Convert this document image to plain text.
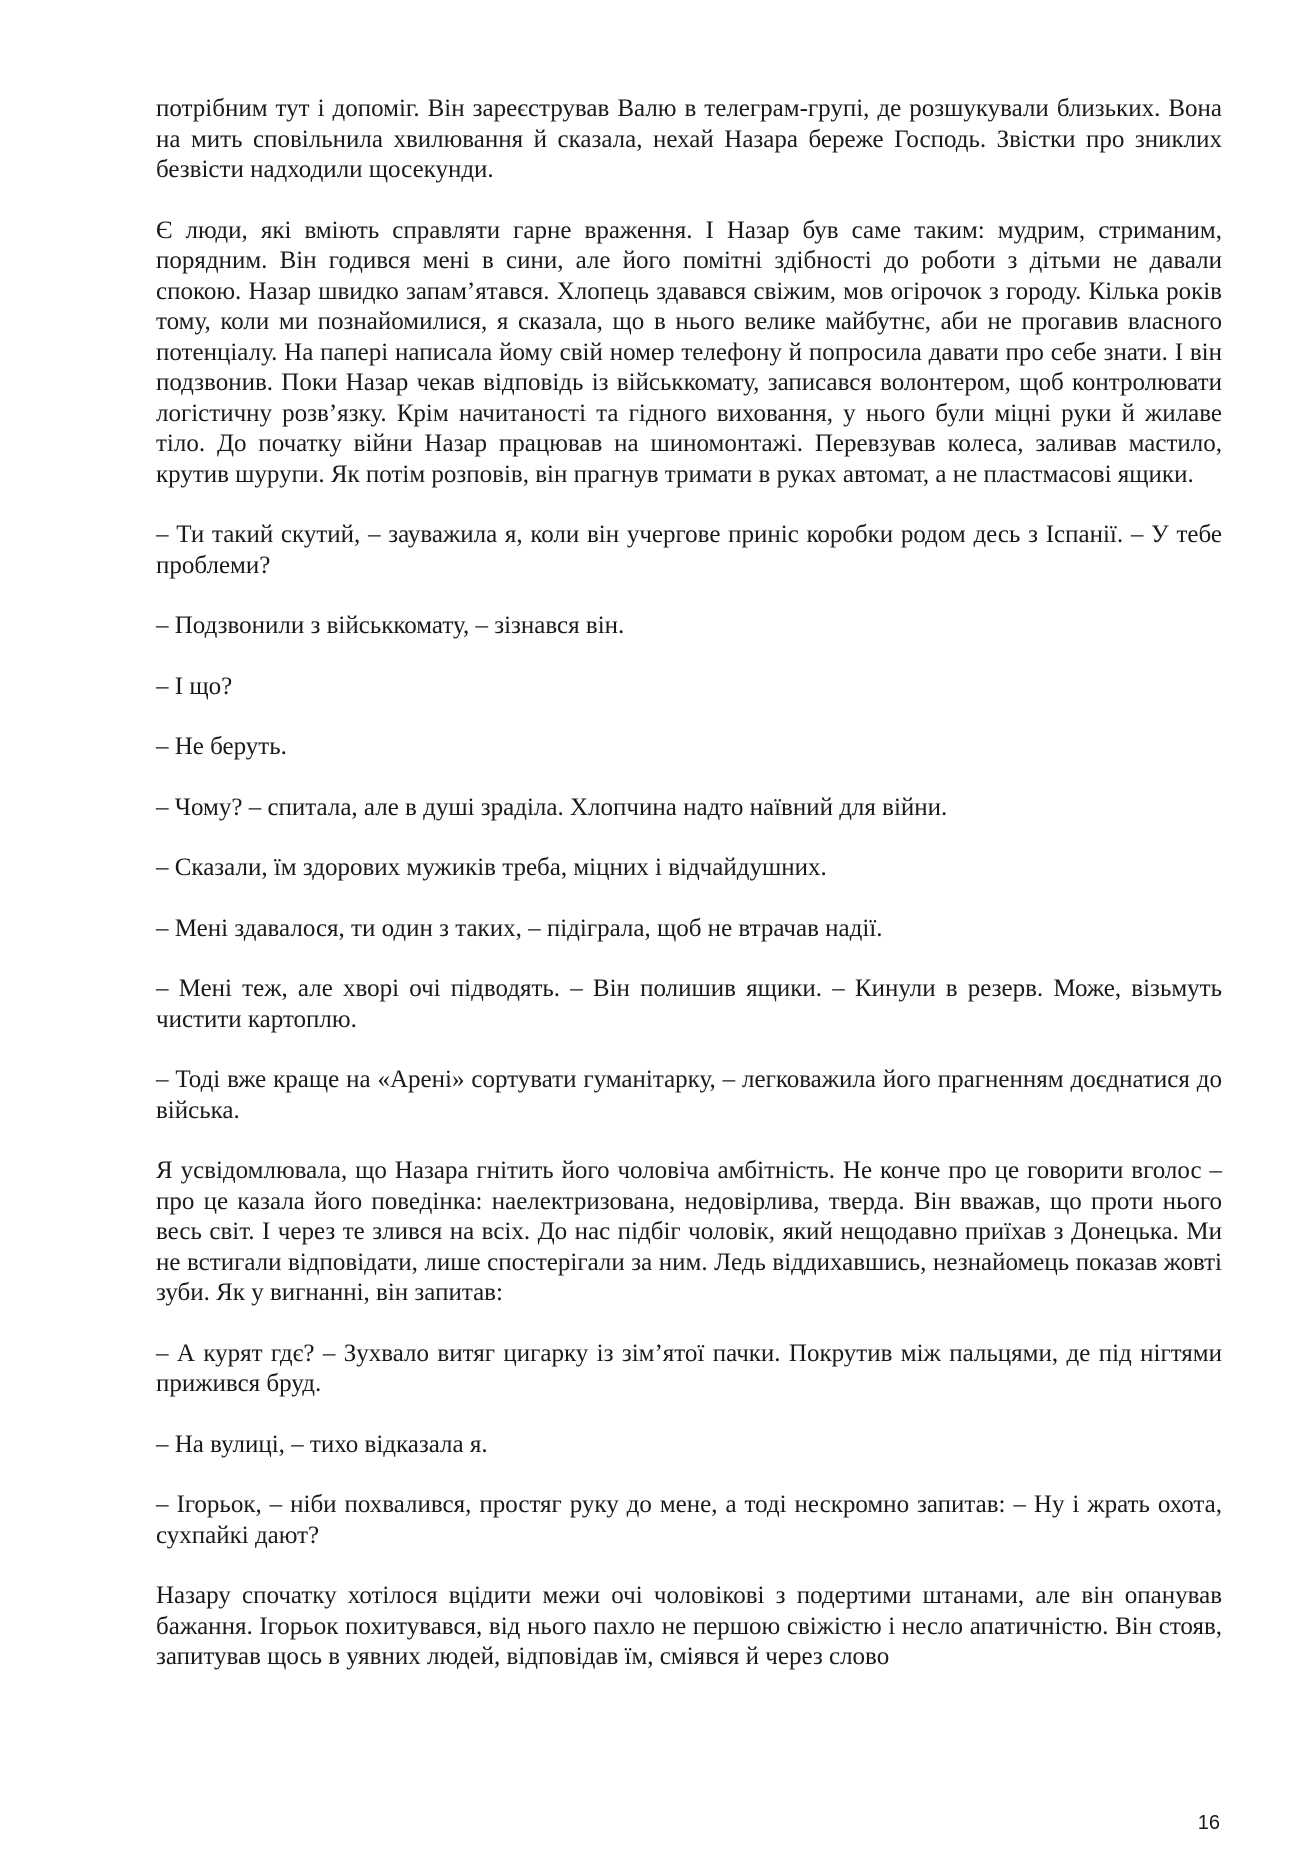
потрібним тут і допоміг. Він зареєстрував Валю в телеграм-групі, де розшукували близьких. Вона на мить сповільнила хвилювання й сказала, нехай Назара береже Господь. Звістки про зниклих безвісти надходили щосекунди.

Є люди, які вміють справляти гарне враження. І Назар був саме таким: мудрим, стриманим, порядним. Він годився мені в сини, але його помітні здібності до роботи з дітьми не давали спокою. Назар швидко запам’ятався. Хлопець здавався свіжим, мов огірочок з городу. Кілька років тому, коли ми познайомилися, я сказала, що в нього велике майбутнє, аби не прогавив власного потенціалу. На папері написала йому свій номер телефону й попросила давати про себе знати. І він подзвонив. Поки Назар чекав відповідь із військкомату, записався волонтером, щоб контролювати логістичну розв’язку. Крім начитаності та гідного виховання, у нього були міцні руки й жилаве тіло. До початку війни Назар працював на шиномонтажі. Перевзував колеса, заливав мастило, крутив шурупи. Як потім розповів, він прагнув тримати в руках автомат, а не пластмасові ящики.

– Ти такий скутий, – зауважила я, коли він учергове приніс коробки родом десь з Іспанії. – У тебе проблеми?

– Подзвонили з військкомату, – зізнався він.

– І що?

– Не беруть.

– Чому? – спитала, але в душі зраділа. Хлопчина надто наївний для війни.

– Сказали, їм здорових мужиків треба, міцних і відчайдушних.

– Мені здавалося, ти один з таких, – підіграла, щоб не втрачав надії.

– Мені теж, але хворі очі підводять. – Він полишив ящики. – Кинули в резерв. Може, візьмуть чистити картоплю.

– Тоді вже краще на «Арені» сортувати гуманітарку, – легковажила його прагненням доєднатися до війська.

Я усвідомлювала, що Назара гнітить його чоловіча амбітність. Не конче про це говорити вголос – про це казала його поведінка: наелектризована, недовірлива, тверда. Він вважав, що проти нього весь світ. І через те злився на всіх. До нас підбіг чоловік, який нещодавно приїхав з Донецька. Ми не встигали відповідати, лише спостерігали за ним. Ледь віддихавшись, незнайомець показав жовті зуби. Як у вигнанні, він запитав:

– А курят гдє? – Зухвало витяг цигарку із зім’ятої пачки. Покрутив між пальцями, де під нігтями прижився бруд.

– На вулиці, – тихо відказала я.

– Ігорьок, – ніби похвалився, простяг руку до мене, а тоді нескромно запитав: – Ну і жрать охота, сухпайкі дают?

Назару спочатку хотілося вцідити межи очі чоловікові з подертими штанами, але він опанував бажання. Ігорьок похитувався, від нього пахло не першою свіжістю і несло апатичністю. Він стояв, запитував щось в уявних людей, відповідав їм, сміявся й через слово

16
